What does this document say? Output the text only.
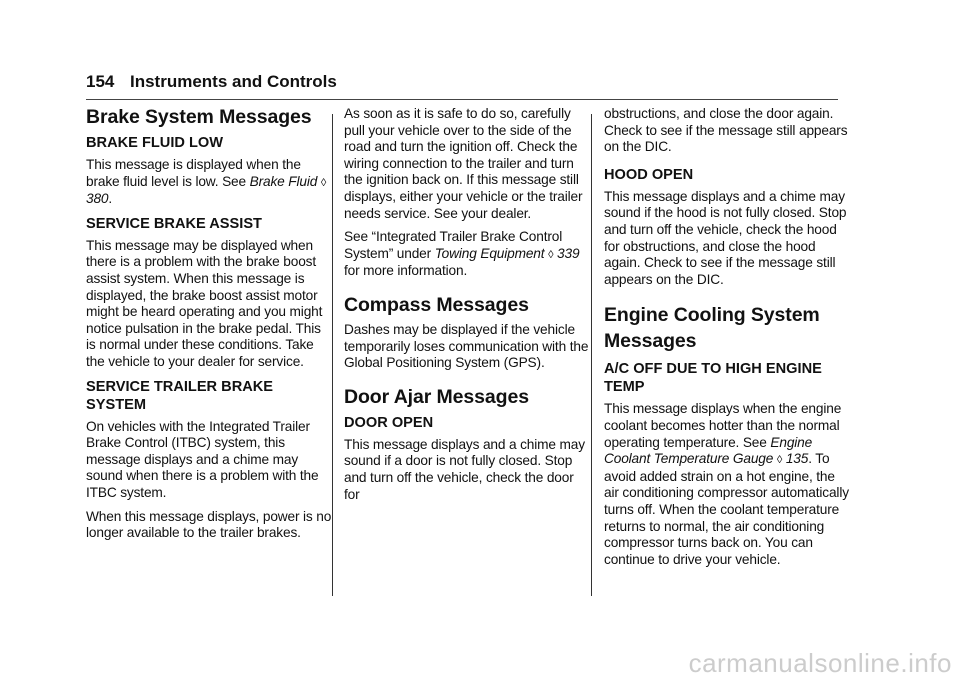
154 Instruments and Controls
Brake System Messages
BRAKE FLUID LOW

This message is displayed when the brake fluid level is low. See Brake Fluid ◊ 380.

SERVICE BRAKE ASSIST

This message may be displayed when there is a problem with the brake boost assist system. When this message is displayed, the brake boost assist motor might be heard operating and you might notice pulsation in the brake pedal. This is normal under these conditions. Take the vehicle to your dealer for service.

SERVICE TRAILER BRAKE SYSTEM

On vehicles with the Integrated Trailer Brake Control (ITBC) system, this message displays and a chime may sound when there is a problem with the ITBC system.

When this message displays, power is no longer available to the trailer brakes.

As soon as it is safe to do so, carefully pull your vehicle over to the side of the road and turn the ignition off. Check the wiring connection to the trailer and turn the ignition back on. If this message still displays, either your vehicle or the trailer needs service. See your dealer.

See “Integrated Trailer Brake Control System” under Towing Equipment ◊ 339 for more information.

Compass Messages

Dashes may be displayed if the vehicle temporarily loses communication with the Global Positioning System (GPS).

Door Ajar Messages
DOOR OPEN

This message displays and a chime may sound if a door is not fully closed. Stop and turn off the vehicle, check the door for

obstructions, and close the door again. Check to see if the message still appears on the DIC.

HOOD OPEN

This message displays and a chime may sound if the hood is not fully closed. Stop and turn off the vehicle, check the hood for obstructions, and close the hood again. Check to see if the message still appears on the DIC.

Engine Cooling System Messages
A/C OFF DUE TO HIGH ENGINE TEMP

This message displays when the engine coolant becomes hotter than the normal operating temperature. See Engine Coolant Temperature Gauge ◊ 135. To avoid added strain on a hot engine, the air conditioning compressor automatically turns off. When the coolant temperature returns to normal, the air conditioning compressor turns back on. You can continue to drive your vehicle.

carmanualsonline.info
